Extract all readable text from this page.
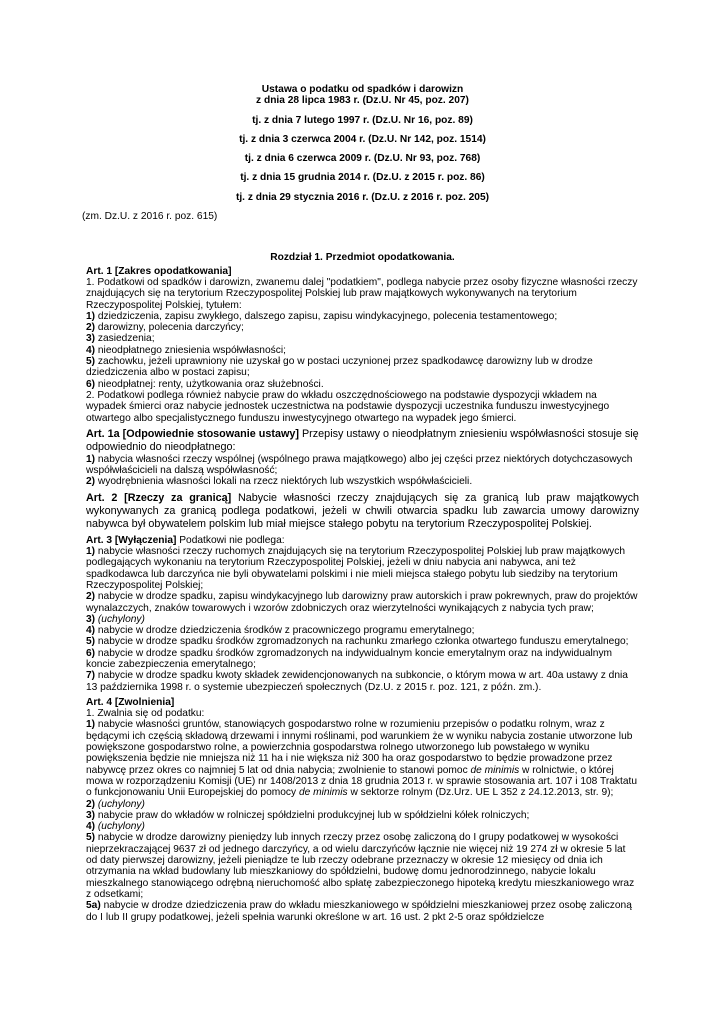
Ustawa o podatku od spadków i darowizn

z dnia 28 lipca 1983 r. (Dz.U. Nr 45, poz. 207)

tj. z dnia 7 lutego 1997 r. (Dz.U. Nr 16, poz. 89)

tj. z dnia 3 czerwca 2004 r. (Dz.U. Nr 142, poz. 1514)

tj. z dnia 6 czerwca 2009 r. (Dz.U. Nr 93, poz. 768)

tj. z dnia 15 grudnia 2014 r. (Dz.U. z 2015 r. poz. 86)

tj. z dnia 29 stycznia 2016 r. (Dz.U. z 2016 r. poz. 205)

(zm. Dz.U. z 2016 r. poz. 615)

Rozdział 1. Przedmiot opodatkowania.

Art. 1 [Zakres opodatkowania]

1. Podatkowi od spadków i darowizn, zwanemu dalej "podatkiem", podlega nabycie przez osoby fizyczne własności rzeczy znajdujących się na terytorium Rzeczypospolitej Polskiej lub praw majątkowych wykonywanych na terytorium Rzeczypospolitej Polskiej, tytułem:

1) dziedziczenia, zapisu zwykłego, dalszego zapisu, zapisu windykacyjnego, polecenia testamentowego;

2) darowizny, polecenia darczyńcy;

3) zasiedzenia;

4) nieodpłatnego zniesienia współwłasności;

5) zachowku, jeżeli uprawniony nie uzyskał go w postaci uczynionej przez spadkodawcę darowizny lub w drodze dziedziczenia albo w postaci zapisu;

6) nieodpłatnej: renty, użytkowania oraz służebności.

2. Podatkowi podlega również nabycie praw do wkładu oszczędnościowego na podstawie dyspozycji wkładem na wypadek śmierci oraz nabycie jednostek uczestnictwa na podstawie dyspozycji uczestnika funduszu inwestycyjnego otwartego albo specjalistycznego funduszu inwestycyjnego otwartego na wypadek jego śmierci.

Art. 1a [Odpowiednie stosowanie ustawy] Przepisy ustawy o nieodpłatnym zniesieniu współwłasności stosuje się odpowiednio do nieodpłatnego:

1) nabycia własności rzeczy wspólnej (wspólnego prawa majątkowego) albo jej części przez niektórych dotychczasowych współwłaścicieli na dalszą współwłasność;

2) wyodrębnienia własności lokali na rzecz niektórych lub wszystkich współwłaścicieli.

Art. 2 [Rzeczy za granicą] Nabycie własności rzeczy znajdujących się za granicą lub praw majątkowych wykonywanych za granicą podlega podatkowi, jeżeli w chwili otwarcia spadku lub zawarcia umowy darowizny nabywca był obywatelem polskim lub miał miejsce stałego pobytu na terytorium Rzeczypospolitej Polskiej.

Art. 3 [Wyłączenia] Podatkowi nie podlega:

1) nabycie własności rzeczy ruchomych znajdujących się na terytorium Rzeczypospolitej Polskiej lub praw majątkowych podlegających wykonaniu na terytorium Rzeczypospolitej Polskiej, jeżeli w dniu nabycia ani nabywca, ani też spadkodawca lub darczyńca nie byli obywatelami polskimi i nie mieli miejsca stałego pobytu lub siedziby na terytorium Rzeczypospolitej Polskiej;

2) nabycie w drodze spadku, zapisu windykacyjnego lub darowizny praw autorskich i praw pokrewnych, praw do projektów wynalazczych, znaków towarowych i wzorów zdobniczych oraz wierzytelności wynikających z nabycia tych praw;

3) (uchylony)

4) nabycie w drodze dziedziczenia środków z pracowniczego programu emerytalnego;

5) nabycie w drodze spadku środków zgromadzonych na rachunku zmarłego członka otwartego funduszu emerytalnego;

6) nabycie w drodze spadku środków zgromadzonych na indywidualnym koncie emerytalnym oraz na indywidualnym koncie zabezpieczenia emerytalnego;

7) nabycie w drodze spadku kwoty składek zewidencjonowanych na subkoncie, o którym mowa w art. 40a ustawy z dnia 13 października 1998 r. o systemie ubezpieczeń społecznych (Dz.U. z 2015 r. poz. 121, z późn. zm.).

Art. 4 [Zwolnienia]

1. Zwalnia się od podatku:

1) nabycie własności gruntów, stanowiących gospodarstwo rolne w rozumieniu przepisów o podatku rolnym, wraz z będącymi ich częścią składową drzewami i innymi roślinami, pod warunkiem że w wyniku nabycia zostanie utworzone lub powiększone gospodarstwo rolne, a powierzchnia gospodarstwa rolnego utworzonego lub powstałego w wyniku powiększenia będzie nie mniejsza niż 11 ha i nie większa niż 300 ha oraz gospodarstwo to będzie prowadzone przez nabywcę przez okres co najmniej 5 lat od dnia nabycia; zwolnienie to stanowi pomoc de minimis w rolnictwie, o której mowa w rozporządzeniu Komisji (UE) nr 1408/2013 z dnia 18 grudnia 2013 r. w sprawie stosowania art. 107 i 108 Traktatu o funkcjonowaniu Unii Europejskiej do pomocy de minimis w sektorze rolnym (Dz.Urz. UE L 352 z 24.12.2013, str. 9);

2) (uchylony)

3) nabycie praw do wkładów w rolniczej spółdzielni produkcyjnej lub w spółdzielni kółek rolniczych;

4) (uchylony)

5) nabycie w drodze darowizny pieniędzy lub innych rzeczy przez osobę zaliczoną do I grupy podatkowej w wysokości nieprzekraczającej 9637 zł od jednego darczyńcy, a od wielu darczyńców łącznie nie więcej niż 19 274 zł w okresie 5 lat od daty pierwszej darowizny, jeżeli pieniądze te lub rzeczy odebrane przeznaczy w okresie 12 miesięcy od dnia ich otrzymania na wkład budowlany lub mieszkaniowy do spółdzielni, budowę domu jednorodzinnego, nabycie lokalu mieszkalnego stanowiącego odrębną nieruchomość albo spłatę zabezpieczonego hipoteką kredytu mieszkaniowego wraz z odsetkami;

5a) nabycie w drodze dziedziczenia praw do wkładu mieszkaniowego w spółdzielni mieszkaniowej przez osobę zaliczoną do I lub II grupy podatkowej, jeżeli spełnia warunki określone w art. 16 ust. 2 pkt 2-5 oraz spółdzielcze
